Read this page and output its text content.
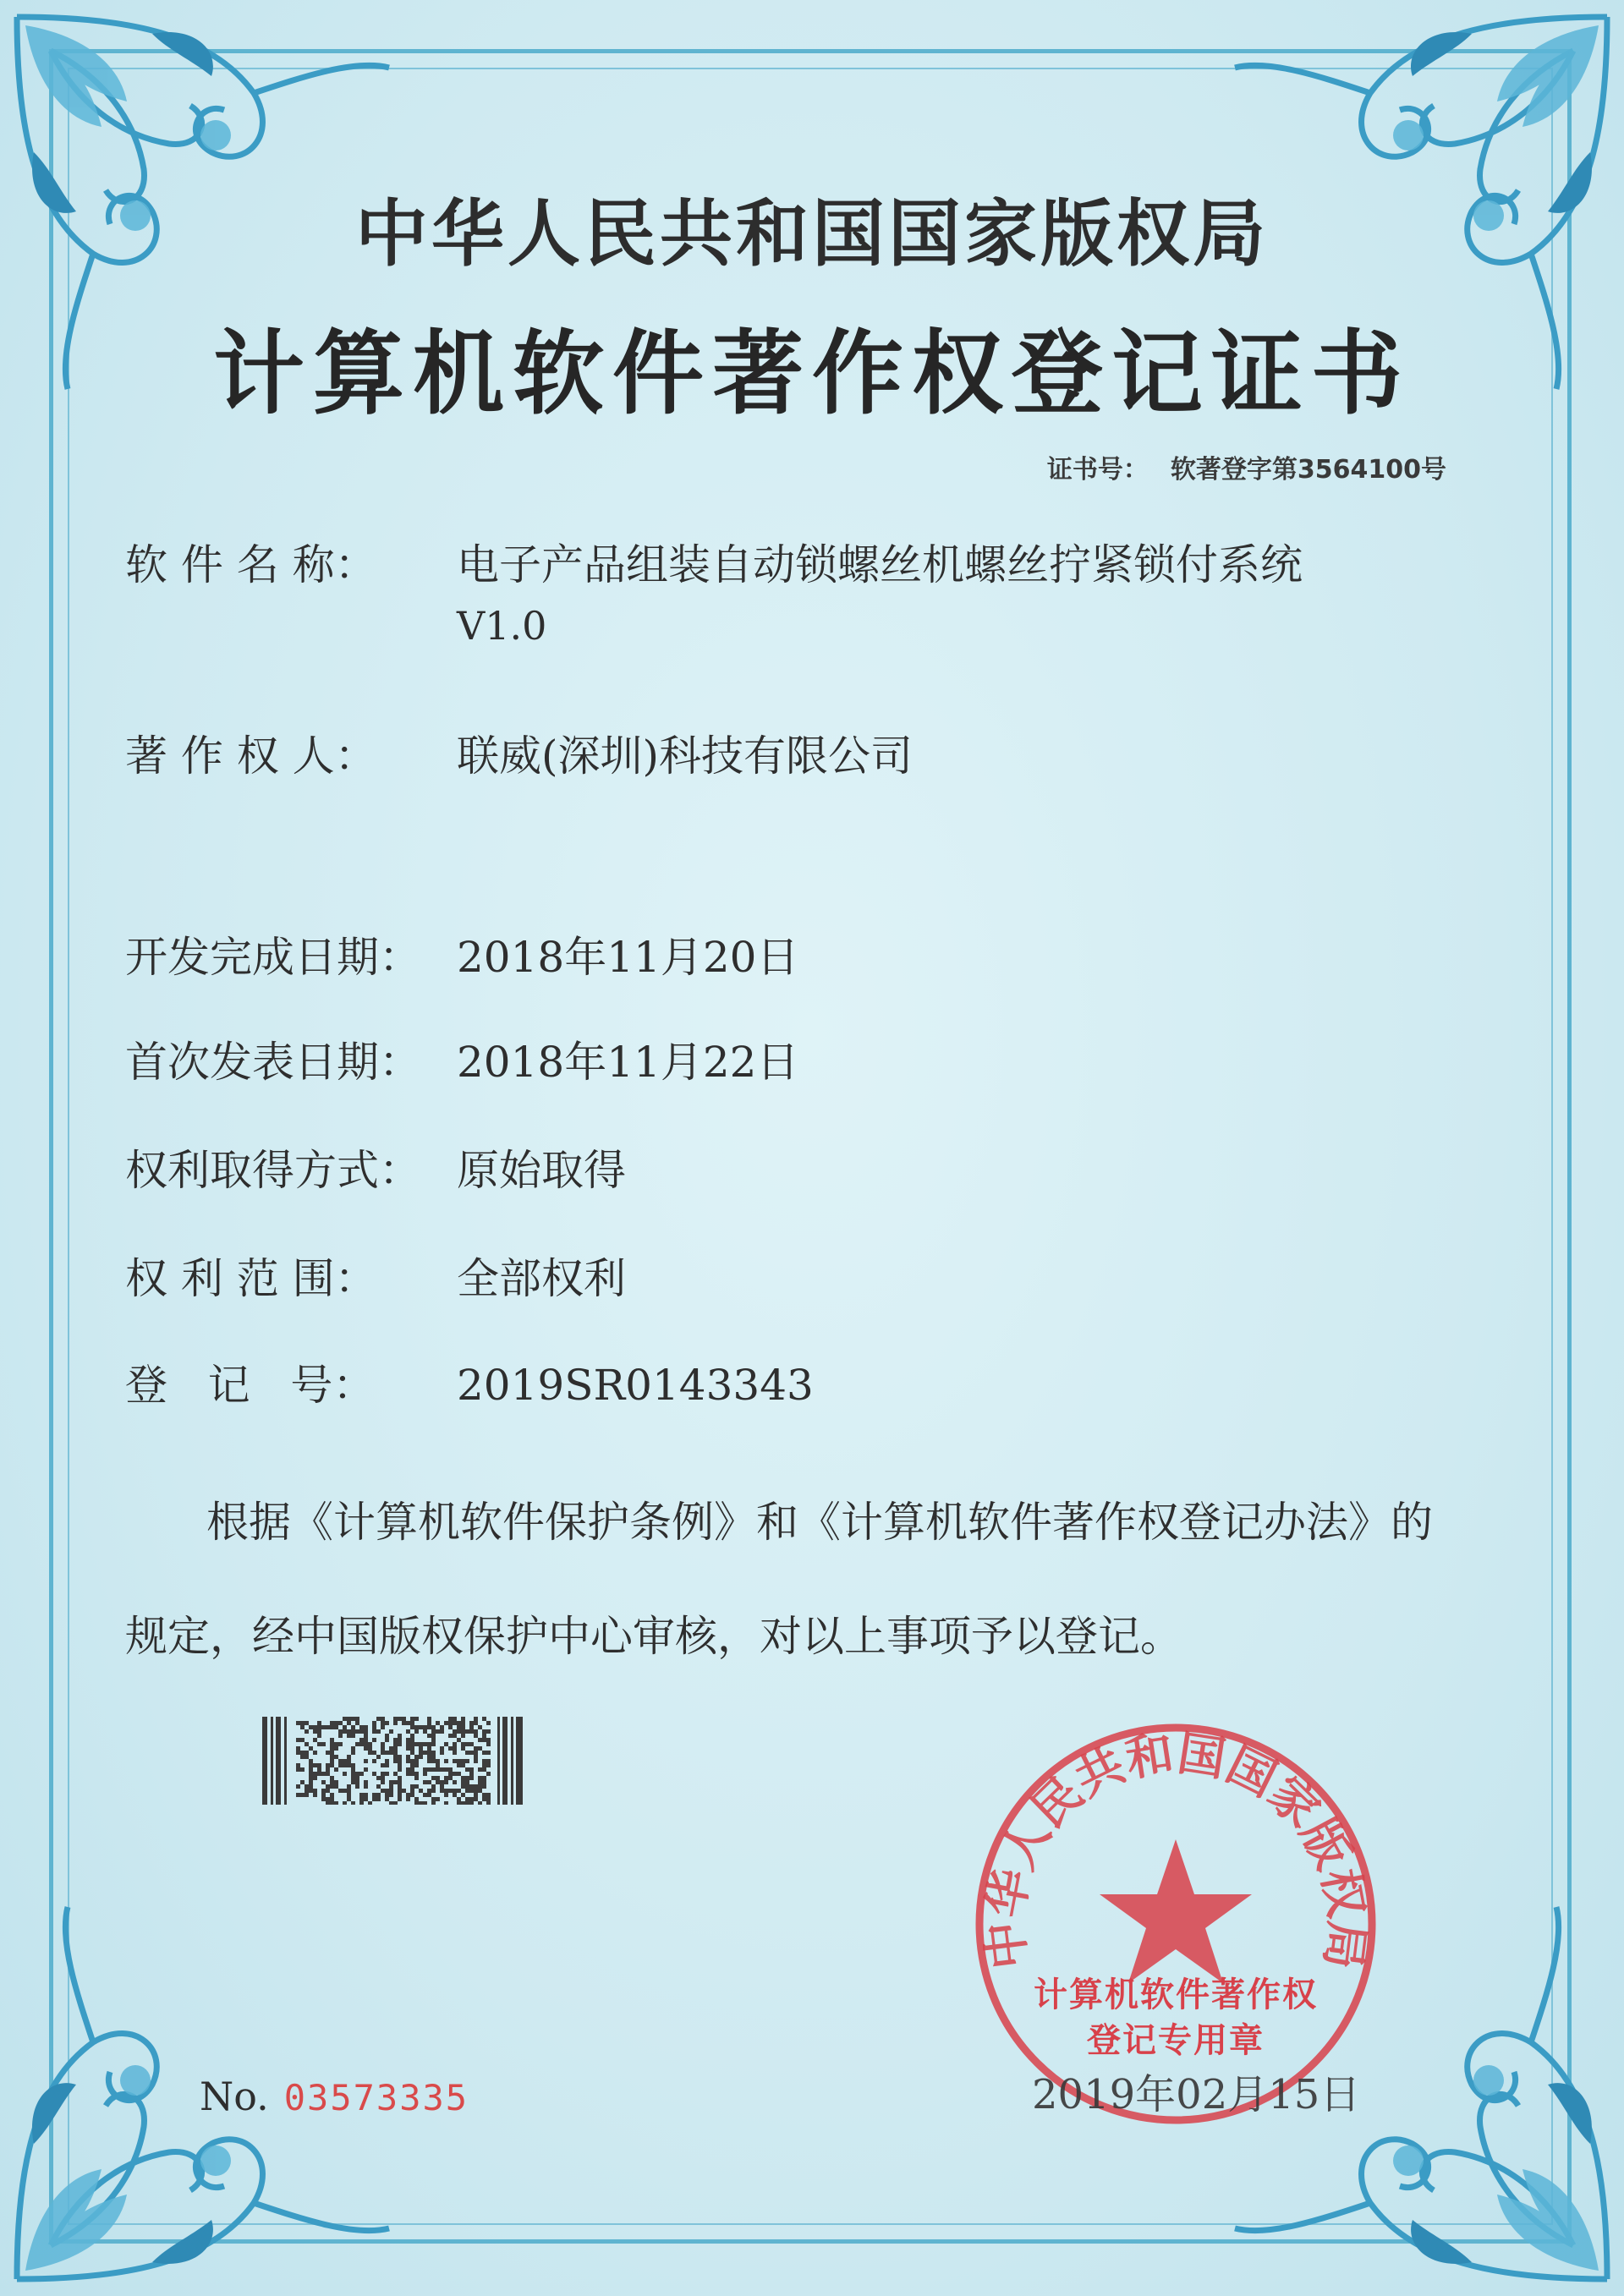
中华人民共和国国家版权局
计算机软件著作权登记证书
证书号： 软著登字第3564100号
软 件 名 称： 电子产品组装自动锁螺丝机螺丝拧紧锁付系统
V1.0
著 作 权 人： 联威(深圳)科技有限公司
开发完成日期： 2018年11月20日
首次发表日期： 2018年11月22日
权利取得方式： 原始取得
权 利 范 围： 全部权利
登   记   号： 2019SR0143343
根据《计算机软件保护条例》和《计算机软件著作权登记办法》的
规定，经中国版权保护中心审核，对以上事项予以登记。
No. 03573335
中华人民共和国国家版权局
计算机软件著作权
登记专用章
2019年02月15日
